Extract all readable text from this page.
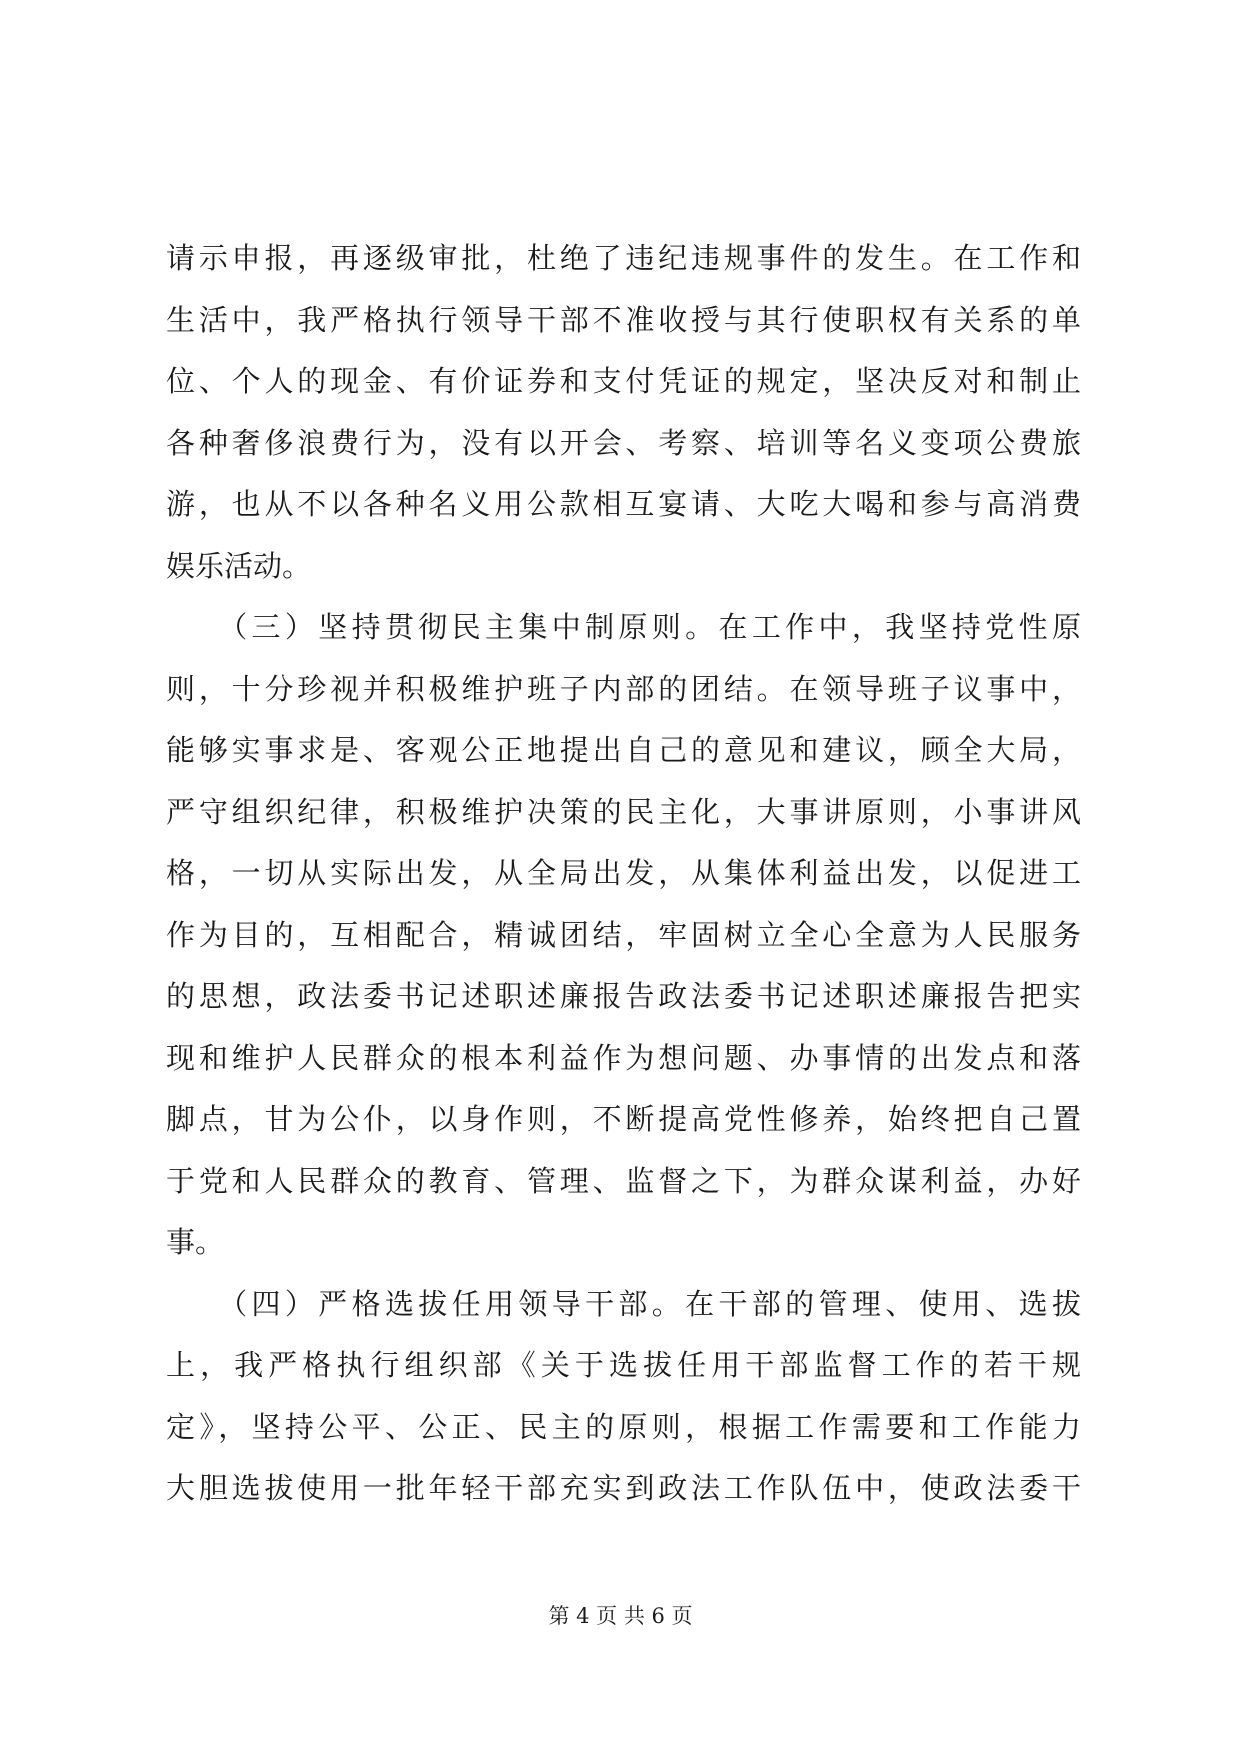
请示申报，再逐级审批，杜绝了违纪违规事件的发生。在工作和
生活中，我严格执行领导干部不准收授与其行使职权有关系的单
位、个人的现金、有价证券和支付凭证的规定，坚决反对和制止
各种奢侈浪费行为，没有以开会、考察、培训等名义变项公费旅
游，也从不以各种名义用公款相互宴请、大吃大喝和参与高消费
娱乐活动。
　　（三）坚持贯彻民主集中制原则。在工作中，我坚持党性原
则，十分珍视并积极维护班子内部的团结。在领导班子议事中，
能够实事求是、客观公正地提出自己的意见和建议，顾全大局，
严守组织纪律，积极维护决策的民主化，大事讲原则，小事讲风
格，一切从实际出发，从全局出发，从集体利益出发，以促进工
作为目的，互相配合，精诚团结，牢固树立全心全意为人民服务
的思想，政法委书记述职述廉报告政法委书记述职述廉报告把实
现和维护人民群众的根本利益作为想问题、办事情的出发点和落
脚点，甘为公仆，以身作则，不断提高党性修养，始终把自己置
于党和人民群众的教育、管理、监督之下，为群众谋利益，办好
事。
　　（四）严格选拔任用领导干部。在干部的管理、使用、选拔
上，我严格执行组织部《关于选拔任用干部监督工作的若干规
定》，坚持公平、公正、民主的原则，根据工作需要和工作能力
大胆选拔使用一批年轻干部充实到政法工作队伍中，使政法委干
第 4 页 共 6 页
